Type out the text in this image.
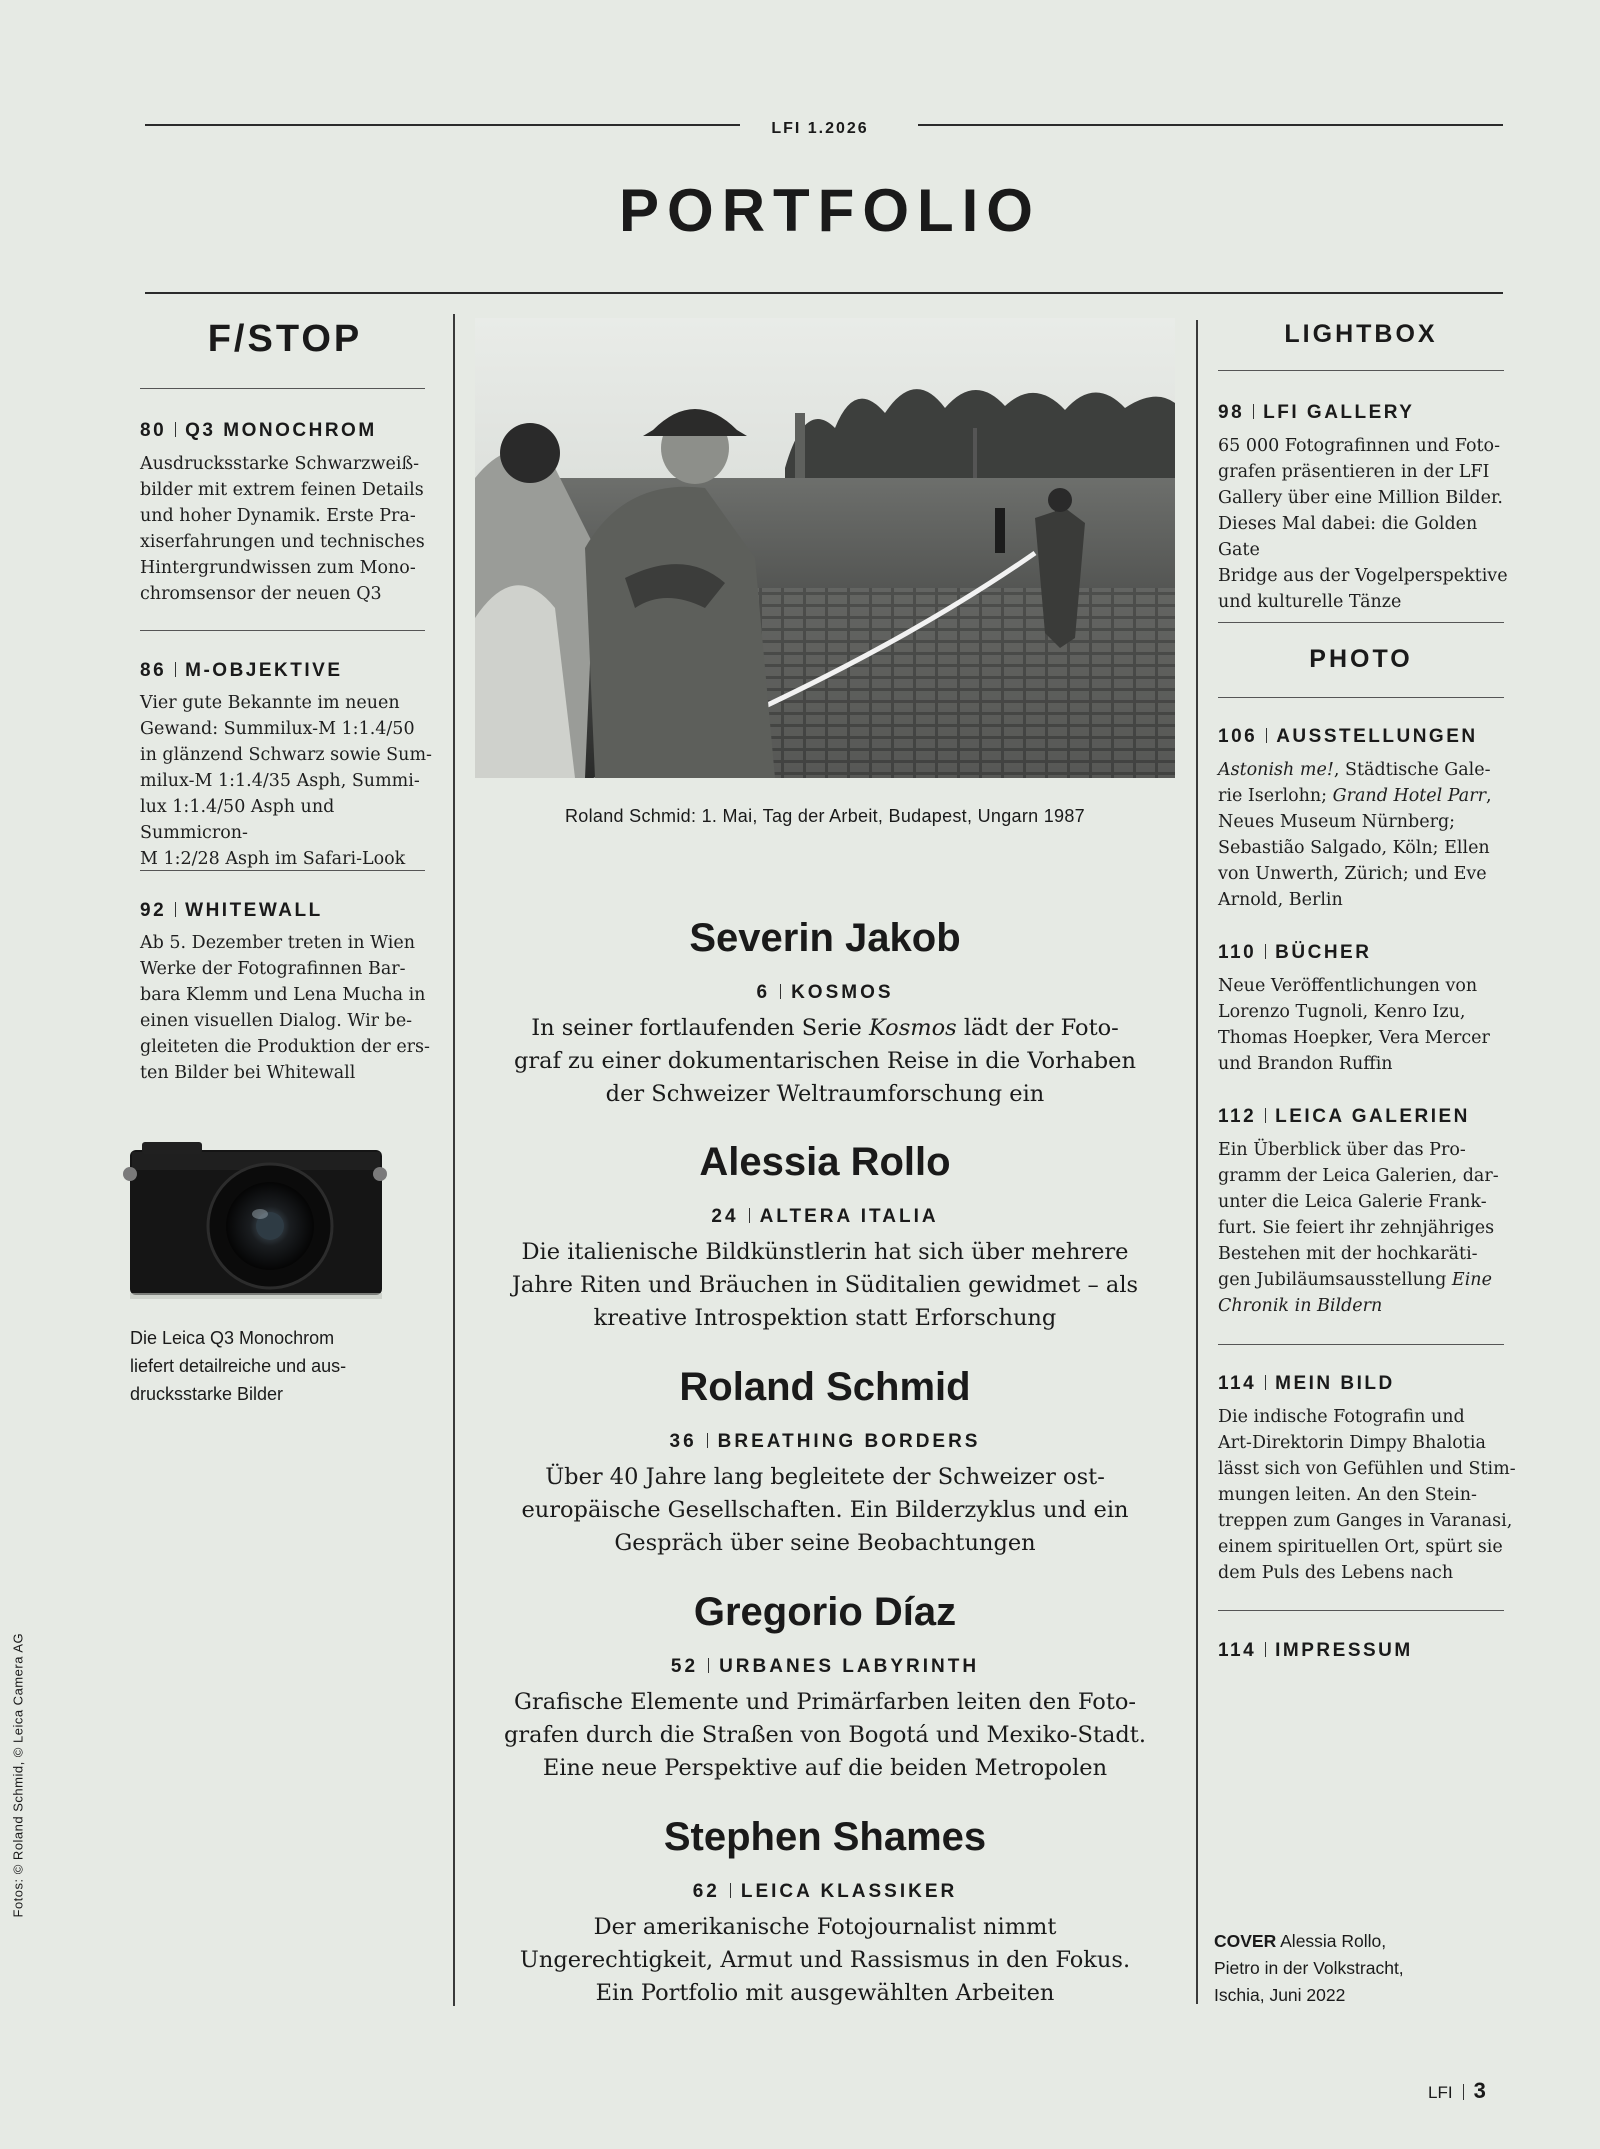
LFI 1.2026
PORTFOLIO
F/STOP
80 Q3 MONOCHROM
Ausdrucksstarke Schwarzweiß-
bilder mit extrem feinen Details
und hoher Dynamik. Erste Pra-
xiserfahrungen und technisches
Hintergrundwissen zum Mono-
chromsensor der neuen Q3
86 M-OBJEKTIVE
Vier gute Bekannte im neuen
Gewand: Summilux-M 1:1.4/50
in glänzend Schwarz sowie Sum-
milux-M 1:1.4/35 Asph, Summi-
lux 1:1.4/50 Asph und Summicron-
M 1:2/28 Asph im Safari-Look
92 WHITEWALL
Ab 5. Dezember treten in Wien
Werke der Fotografinnen Bar-
bara Klemm und Lena Mucha in
einen visuellen Dialog. Wir be-
gleiteten die Produktion der ers-
ten Bilder bei Whitewall
Die Leica Q3 Monochrom
liefert detailreiche und aus-
drucksstarke Bilder
Roland Schmid: 1. Mai, Tag der Arbeit, Budapest, Ungarn 1987
Severin Jakob
6 KOSMOS
In seiner fortlaufenden Serie Kosmos lädt der Foto-
graf zu einer dokumentarischen Reise in die Vorhaben
der Schweizer Weltraumforschung ein
Alessia Rollo
24 ALTERA ITALIA
Die italienische Bildkünstlerin hat sich über mehrere
Jahre Riten und Bräuchen in Süditalien gewidmet – als
kreative Introspektion statt Erforschung
Roland Schmid
36 BREATHING BORDERS
Über 40 Jahre lang begleitete der Schweizer ost-
europäische Gesellschaften. Ein Bilderzyklus und ein
Gespräch über seine Beobachtungen
Gregorio Díaz
52 URBANES LABYRINTH
Grafische Elemente und Primärfarben leiten den Foto-
grafen durch die Straßen von Bogotá und Mexiko-Stadt.
Eine neue Perspektive auf die beiden Metropolen
Stephen Shames
62 LEICA KLASSIKER
Der amerikanische Fotojournalist nimmt
Ungerechtigkeit, Armut und Rassismus in den Fokus.
Ein Portfolio mit ausgewählten Arbeiten
LIGHTBOX
98 LFI GALLERY
65 000 Fotografinnen und Foto-
grafen präsentieren in der LFI
Gallery über eine Million Bilder.
Dieses Mal dabei: die Golden Gate
Bridge aus der Vogelperspektive
und kulturelle Tänze
PHOTO
106 AUSSTELLUNGEN
Astonish me!, Städtische Gale-
rie Iserlohn; Grand Hotel Parr,
Neues Museum Nürnberg;
Sebastião Salgado, Köln; Ellen
von Unwerth, Zürich; und Eve
Arnold, Berlin
110 BÜCHER
Neue Veröffentlichungen von
Lorenzo Tugnoli, Kenro Izu,
Thomas Hoepker, Vera Mercer
und Brandon Ruffin
112 LEICA GALERIEN
Ein Überblick über das Pro-
gramm der Leica Galerien, dar-
unter die Leica Galerie Frank-
furt. Sie feiert ihr zehnjähriges
Bestehen mit der hochkaräti-
gen Jubiläumsausstellung Eine
Chronik in Bildern
114 MEIN BILD
Die indische Fotografin und
Art-Direktorin Dimpy Bhalotia
lässt sich von Gefühlen und Stim-
mungen leiten. An den Stein-
treppen zum Ganges in Varanasi,
einem spirituellen Ort, spürt sie
dem Puls des Lebens nach
114 IMPRESSUM
COVER Alessia Rollo,
Pietro in der Volkstracht,
Ischia, Juni 2022
Fotos: © Roland Schmid, © Leica Camera AG
LFI 3
